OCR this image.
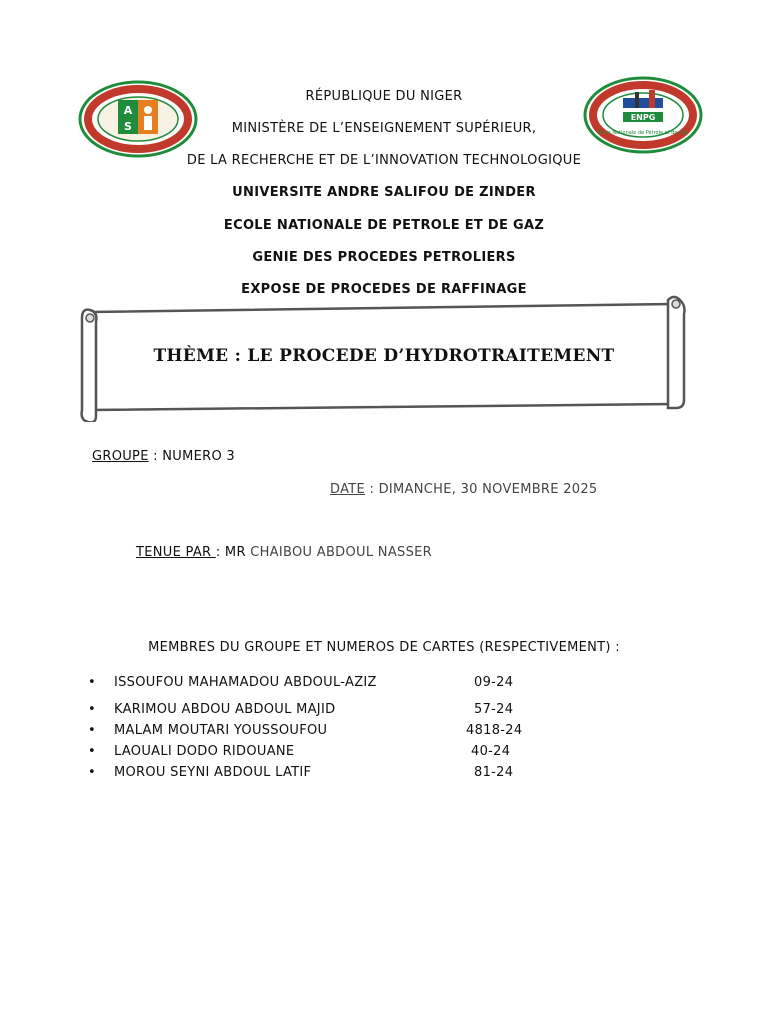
A
S
ENPG
Ecole Nationale de Pétrole et de Gaz
RÉPUBLIQUE DU NIGER
MINISTÈRE DE L’ENSEIGNEMENT SUPÉRIEUR,
DE LA RECHERCHE ET DE L’INNOVATION TECHNOLOGIQUE
UNIVERSITE ANDRE SALIFOU DE ZINDER
ECOLE NATIONALE DE PETROLE ET DE GAZ
GENIE DES PROCEDES PETROLIERS
EXPOSE DE PROCEDES DE RAFFINAGE
THÈME : LE PROCEDE D’HYDROTRAITEMENT
GROUPE : NUMERO 3
DATE : DIMANCHE, 30 NOVEMBRE 2025
TENUE PAR : MR CHAIBOU ABDOUL NASSER
MEMBRES DU GROUPE ET NUMEROS DE CARTES (RESPECTIVEMENT) :
• ISSOUFOU MAHAMADOU ABDOUL-AZIZ	09-24
• KARIMOU ABDOU ABDOUL MAJID	57-24
• MALAM MOUTARI YOUSSOUFOU	4818-24
• LAOUALI DODO RIDOUANE	40-24
• MOROU SEYNI ABDOUL LATIF	81-24
